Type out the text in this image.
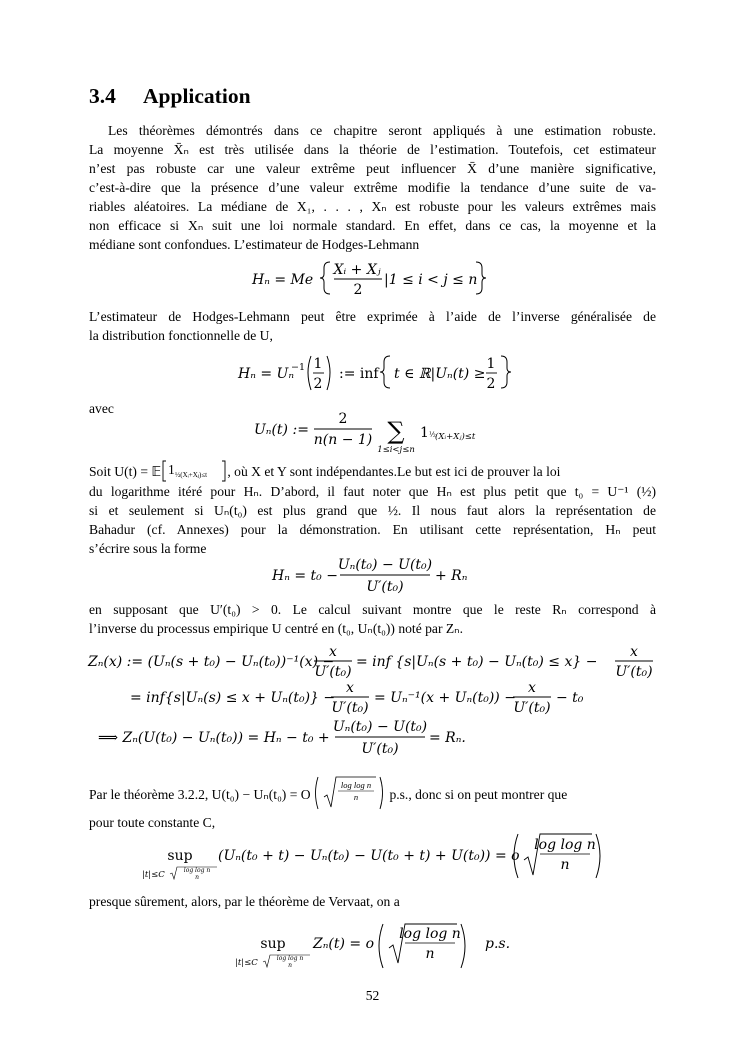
3.4 Application
Les théorèmes démontrés dans ce chapitre seront appliqués à une estimation robuste.
La moyenne X̄ₙ est très utilisée dans la théorie de l’estimation. Toutefois, cet estimateur
n’est pas robuste car une valeur extrême peut influencer X̄ d’une manière significative,
c’est-à-dire que la présence d’une valeur extrême modifie la tendance d’une suite de va-
riables aléatoires. La médiane de X₁, . . . , Xₙ est robuste pour les valeurs extrêmes mais
non efficace si Xₙ suit une loi normale standard. En effet, dans ce cas, la moyenne et la
médiane sont confondues. L’estimateur de Hodges-Lehmann
Hₙ = Me
Xᵢ + Xⱼ
2
|1 ≤ i < j ≤ n
L’estimateur de Hodges-Lehmann peut être exprimée à l’aide de l’inverse généralisée de
la distribution fonctionnelle de U,
Hₙ = Uₙ
−1 1
2
:= inf t ∈ ℝ|Uₙ(t) ≥
1
2
avec
Uₙ(t) :=
2
n(n − 1) ∑
1≤i<j≤n
1 ½ (Xᵢ+Xⱼ)≤t
Soit U(t) = 𝔼 1 ½(Xᵢ+Xⱼ)≤t , où X et Y sont indépendantes.Le but est ici de prouver la loi
du logarithme itéré pour Hₙ. D’abord, il faut noter que Hₙ est plus petit que t₀ = U⁻¹ (½)
si et seulement si Uₙ(t₀) est plus grand que ½. Il nous faut alors la représentation de
Bahadur (cf. Annexes) pour la démonstration. En utilisant cette représentation, Hₙ peut
s’écrire sous la forme
Hₙ = t₀ −
Uₙ(t₀) − U(t₀)
U′(t₀)
+ Rₙ
en supposant que U′(t₀) > 0. Le calcul suivant montre que le reste Rₙ correspond à
l’inverse du processus empirique U centré en (t₀, Uₙ(t₀)) noté par Zₙ.
Zₙ(x) := (Uₙ(s + t₀) − Uₙ(t₀))⁻¹(x) −
x
U′(t₀)
= inf {s|Uₙ(s + t₀) − Uₙ(t₀) ≤ x} −
x
U′(t₀)
= inf{s|Uₙ(s) ≤ x + Uₙ(t₀)} −
x
U′(t₀)
= Uₙ⁻¹(x + Uₙ(t₀)) −
x
U′(t₀)
− t₀
⟹ Zₙ(U(t₀) − Uₙ(t₀)) = Hₙ − t₀ +
Uₙ(t₀) − U(t₀)
U′(t₀)
= Rₙ.
Par le théorème 3.2.2, U(t₀) − Uₙ(t₀) = O
log log n
n p.s., donc si on peut montrer que
pour toute constante C,
sup
|t|≤C	log log n
n
(Uₙ(t₀ + t) − Uₙ(t₀) − U(t₀ + t) + U(t₀)) = o
log log n
n
presque sûrement, alors, par le théorème de Vervaat, on a
sup
|t|≤C	log log n
n
Zₙ(t) = o
log log n
n
p.s.
52
